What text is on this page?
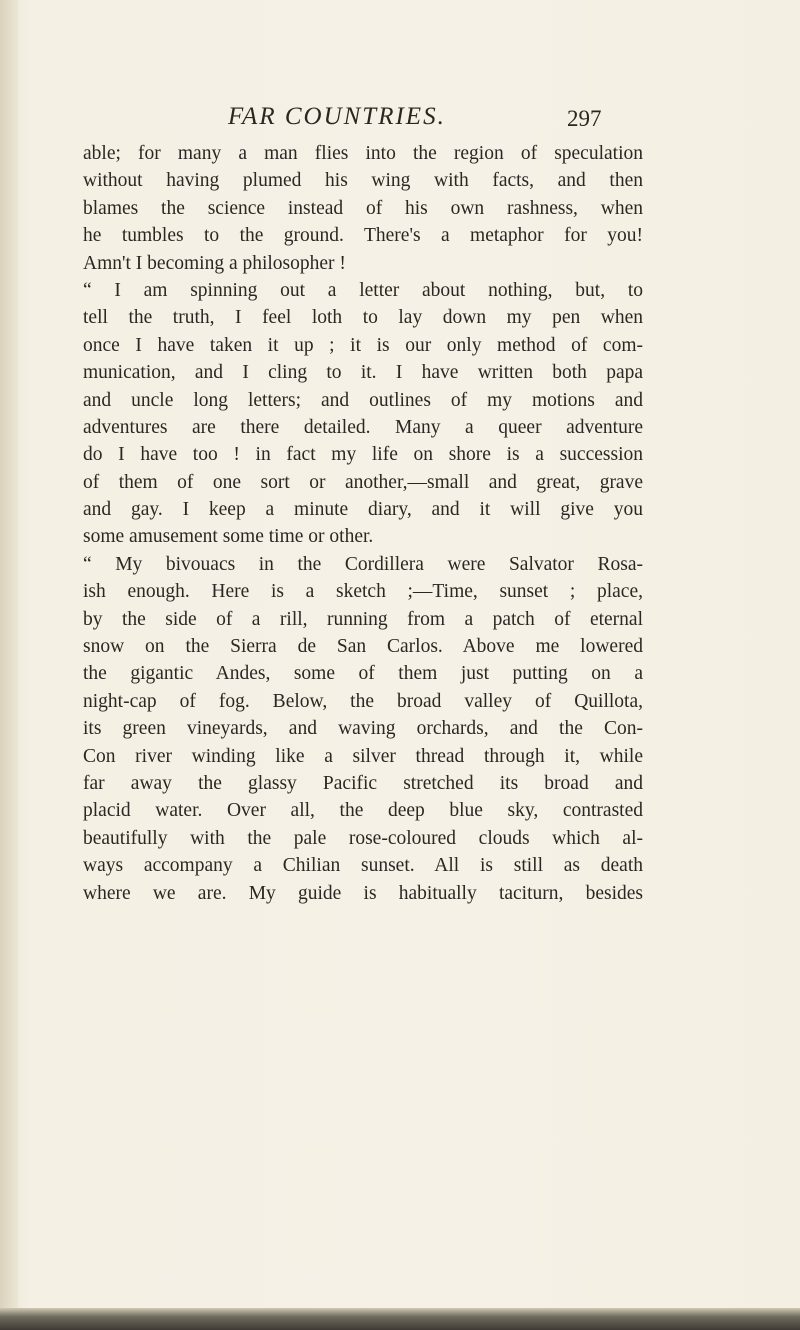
FAR COUNTRIES.	297
able; for many a man flies into the region of speculation
without having plumed his wing with facts, and then
blames the science instead of his own rashness, when
he tumbles to the ground. There's a metaphor for you!
Amn't I becoming a philosopher !
“ I am spinning out a letter about nothing, but, to
tell the truth, I feel loth to lay down my pen when
once I have taken it up ; it is our only method of com-
munication, and I cling to it. I have written both papa
and uncle long letters; and outlines of my motions and
adventures are there detailed. Many a queer adventure
do I have too ! in fact my life on shore is a succession
of them of one sort or another,—small and great, grave
and gay. I keep a minute diary, and it will give you
some amusement some time or other.
“ My bivouacs in the Cordillera were Salvator Rosa-
ish enough. Here is a sketch ;—Time, sunset ; place,
by the side of a rill, running from a patch of eternal
snow on the Sierra de San Carlos. Above me lowered
the gigantic Andes, some of them just putting on a
night-cap of fog. Below, the broad valley of Quillota,
its green vineyards, and waving orchards, and the Con-
Con river winding like a silver thread through it, while
far away the glassy Pacific stretched its broad and
placid water. Over all, the deep blue sky, contrasted
beautifully with the pale rose-coloured clouds which al-
ways accompany a Chilian sunset. All is still as death
where we are. My guide is habitually taciturn, besides
